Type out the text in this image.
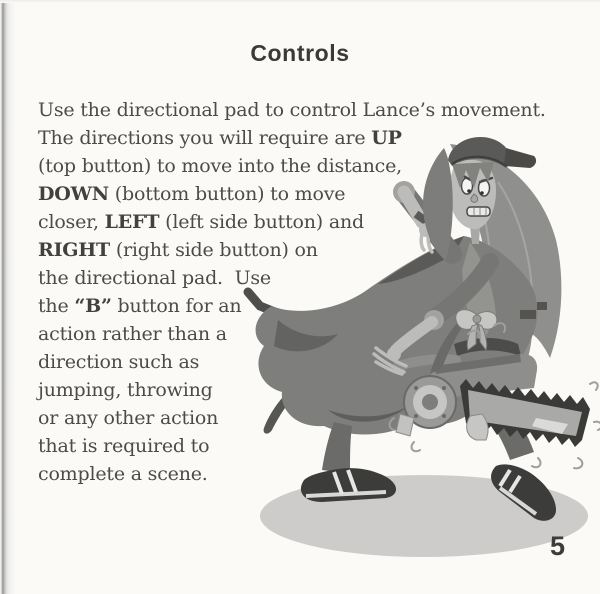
Controls
Use the directional pad to control Lance’s movement.
The directions you will require are UP
(top button) to move into the distance,
DOWN (bottom button) to move
closer, LEFT (left side button) and
RIGHT (right side button) on
the directional pad.  Use
the “B” button for an
action rather than a
direction such as
jumping, throwing
or any other action
that is required to
complete a scene.
5
